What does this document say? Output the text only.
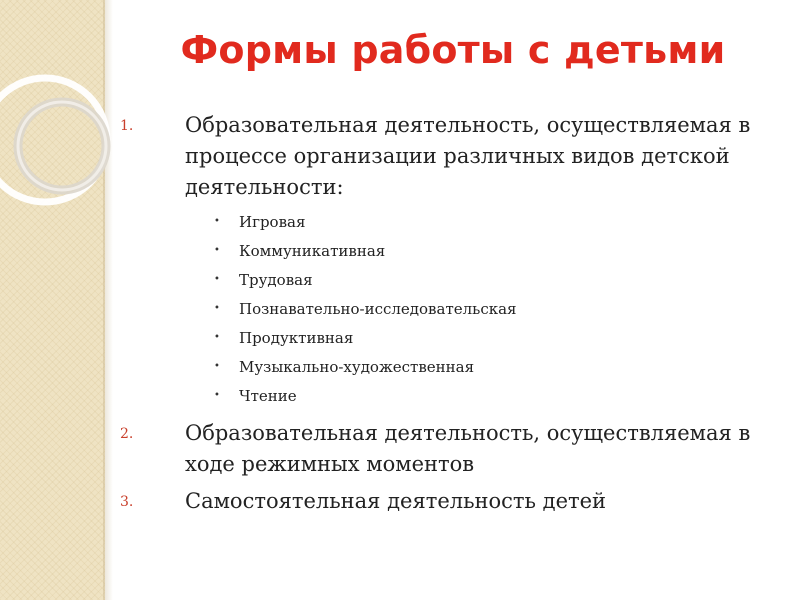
Формы работы с детьми
1.	Образовательная деятельность, осуществляемая в процессе организации различных видов детской деятельности:
•	Игровая
•	Коммуникативная
•	Трудовая
•	Познавательно-исследовательская
•	Продуктивная
•	Музыкально-художественная
•	Чтение
2.	Образовательная деятельность, осуществляемая в ходе режимных моментов
3.	Самостоятельная деятельность детей
